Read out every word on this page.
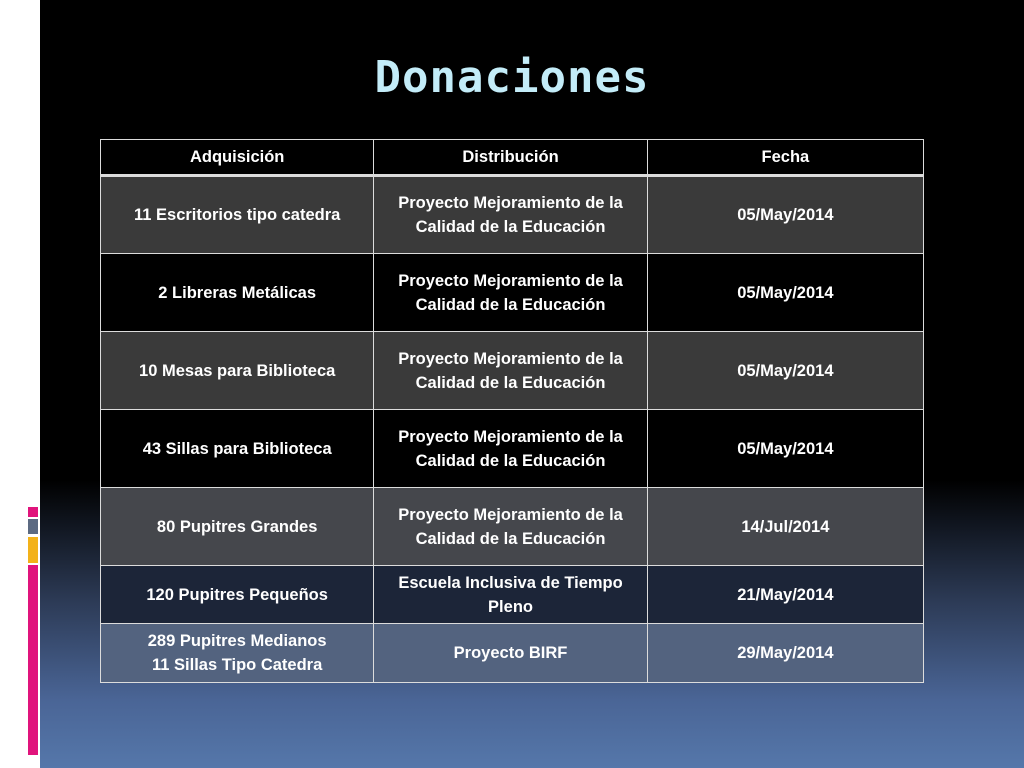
Donaciones
Adquisición	Distribución	Fecha

11 Escritorios tipo catedra	Proyecto Mejoramiento de la
Calidad de la Educación	05/May/2014

2 Libreras Metálicas	Proyecto Mejoramiento de la
Calidad de la Educación	05/May/2014

10 Mesas para Biblioteca	Proyecto Mejoramiento de la
Calidad de la Educación	05/May/2014

43 Sillas para Biblioteca	Proyecto Mejoramiento de la
Calidad de la Educación	05/May/2014

80 Pupitres Grandes	Proyecto Mejoramiento de la
Calidad de la Educación	14/Jul/2014

120 Pupitres Pequeños	Escuela Inclusiva de Tiempo
Pleno	21/May/2014

289 Pupitres Medianos
11 Sillas Tipo Catedra	Proyecto BIRF	29/May/2014
